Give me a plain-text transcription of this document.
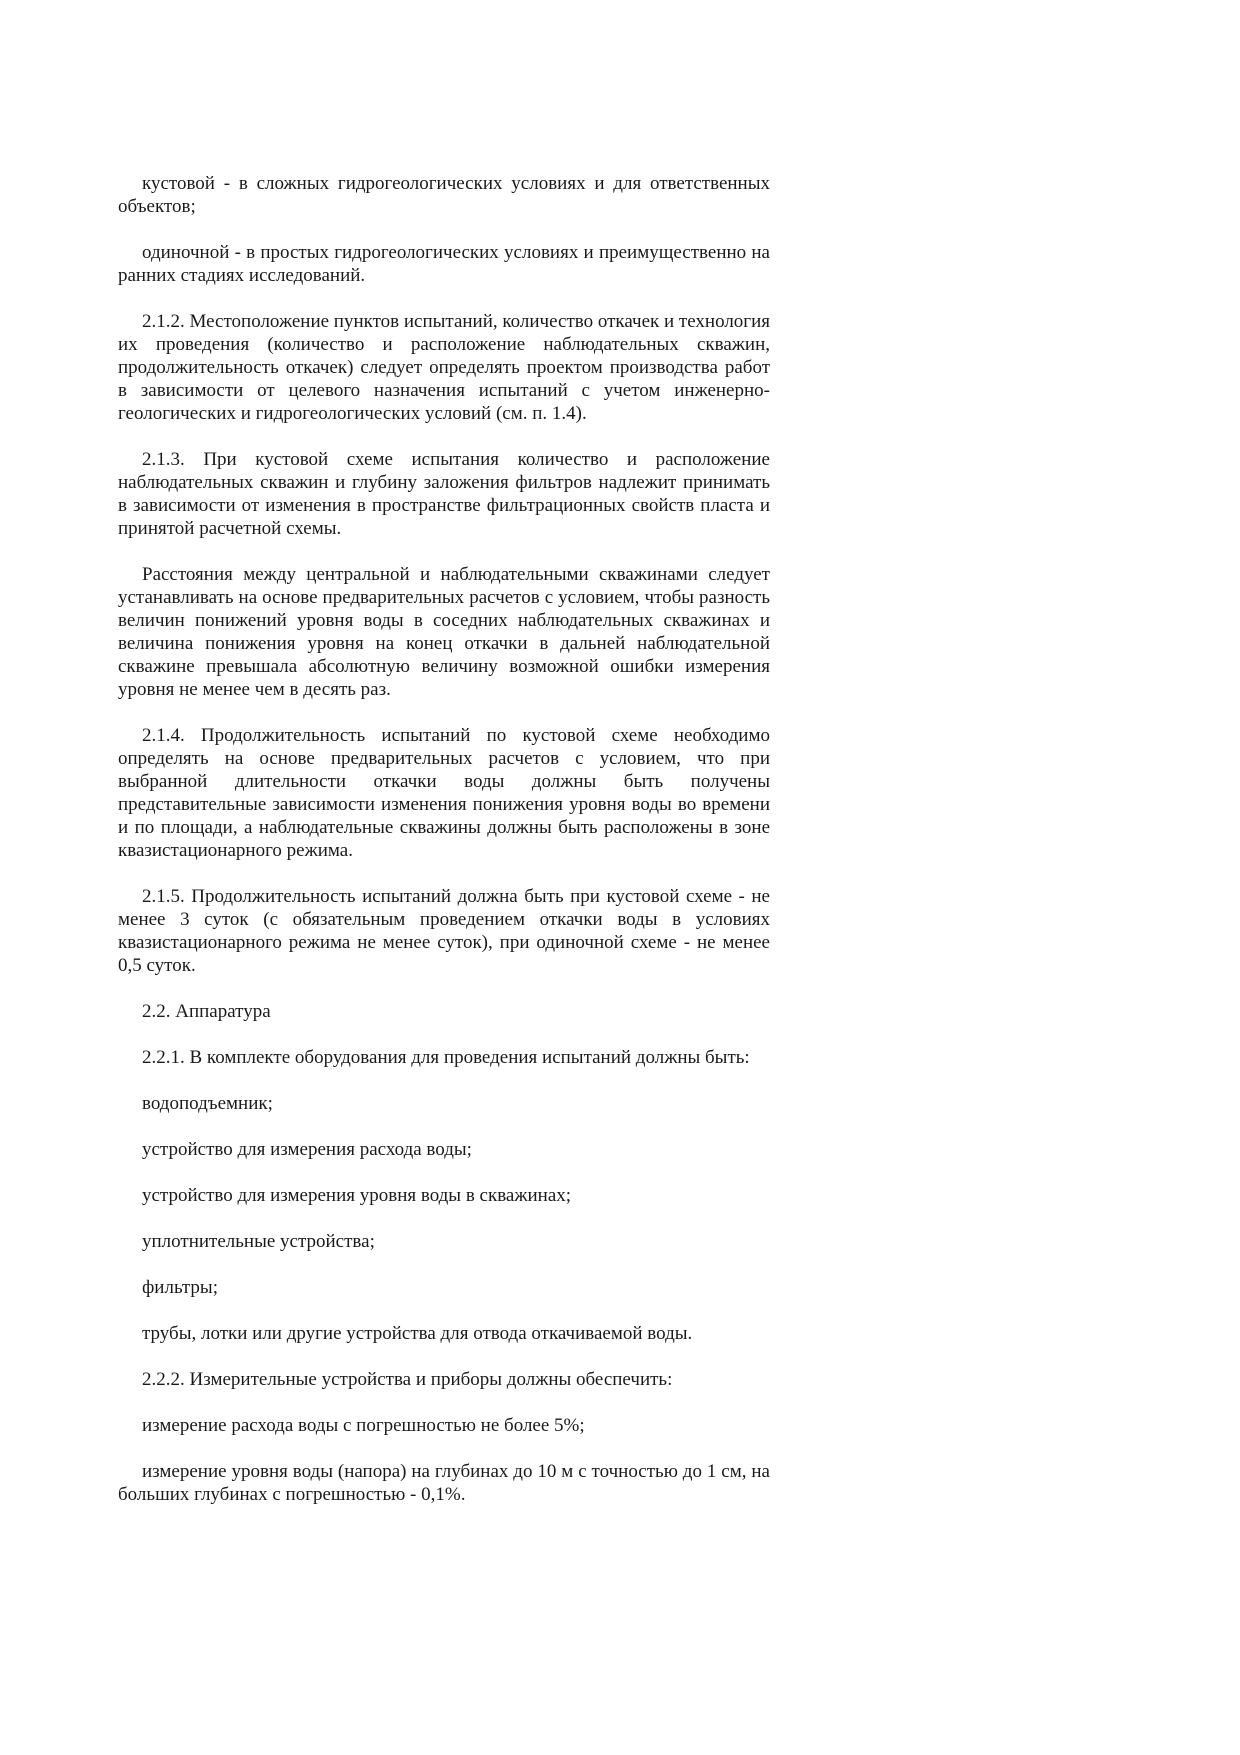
кустовой - в сложных гидрогеологических условиях и для ответственных объектов;

одиночной - в простых гидрогеологических условиях и преимущественно на ранних стадиях исследований.

2.1.2. Местоположение пунктов испытаний, количество откачек и технология их проведения (количество и расположение наблюдательных скважин, продолжительность откачек) следует определять проектом производства работ в зависимости от целевого назначения испытаний с учетом инженерно-геологических и гидрогеологических условий (см. п. 1.4).

2.1.3. При кустовой схеме испытания количество и расположение наблюдательных скважин и глубину заложения фильтров надлежит принимать в зависимости от изменения в пространстве фильтрационных свойств пласта и принятой расчетной схемы.

Расстояния между центральной и наблюдательными скважинами следует устанавливать на основе предварительных расчетов с условием, чтобы разность величин понижений уровня воды в соседних наблюдательных скважинах и величина понижения уровня на конец откачки в дальней наблюдательной скважине превышала абсолютную величину возможной ошибки измерения уровня не менее чем в десять раз.

2.1.4. Продолжительность испытаний по кустовой схеме необходимо определять на основе предварительных расчетов с условием, что при выбранной длительности откачки воды должны быть получены представительные зависимости изменения понижения уровня воды во времени и по площади, а наблюдательные скважины должны быть расположены в зоне квазистационарного режима.

2.1.5. Продолжительность испытаний должна быть при кустовой схеме - не менее 3 суток (с обязательным проведением откачки воды в условиях квазистационарного режима не менее суток), при одиночной схеме - не менее 0,5 суток.

2.2. Аппаратура

2.2.1. В комплекте оборудования для проведения испытаний должны быть:

водоподъемник;

устройство для измерения расхода воды;

устройство для измерения уровня воды в скважинах;

уплотнительные устройства;

фильтры;

трубы, лотки или другие устройства для отвода откачиваемой воды.

2.2.2. Измерительные устройства и приборы должны обеспечить:

измерение расхода воды с погрешностью не более 5%;

измерение уровня воды (напора) на глубинах до 10 м с точностью до 1 см, на больших глубинах с погрешностью - 0,1%.
